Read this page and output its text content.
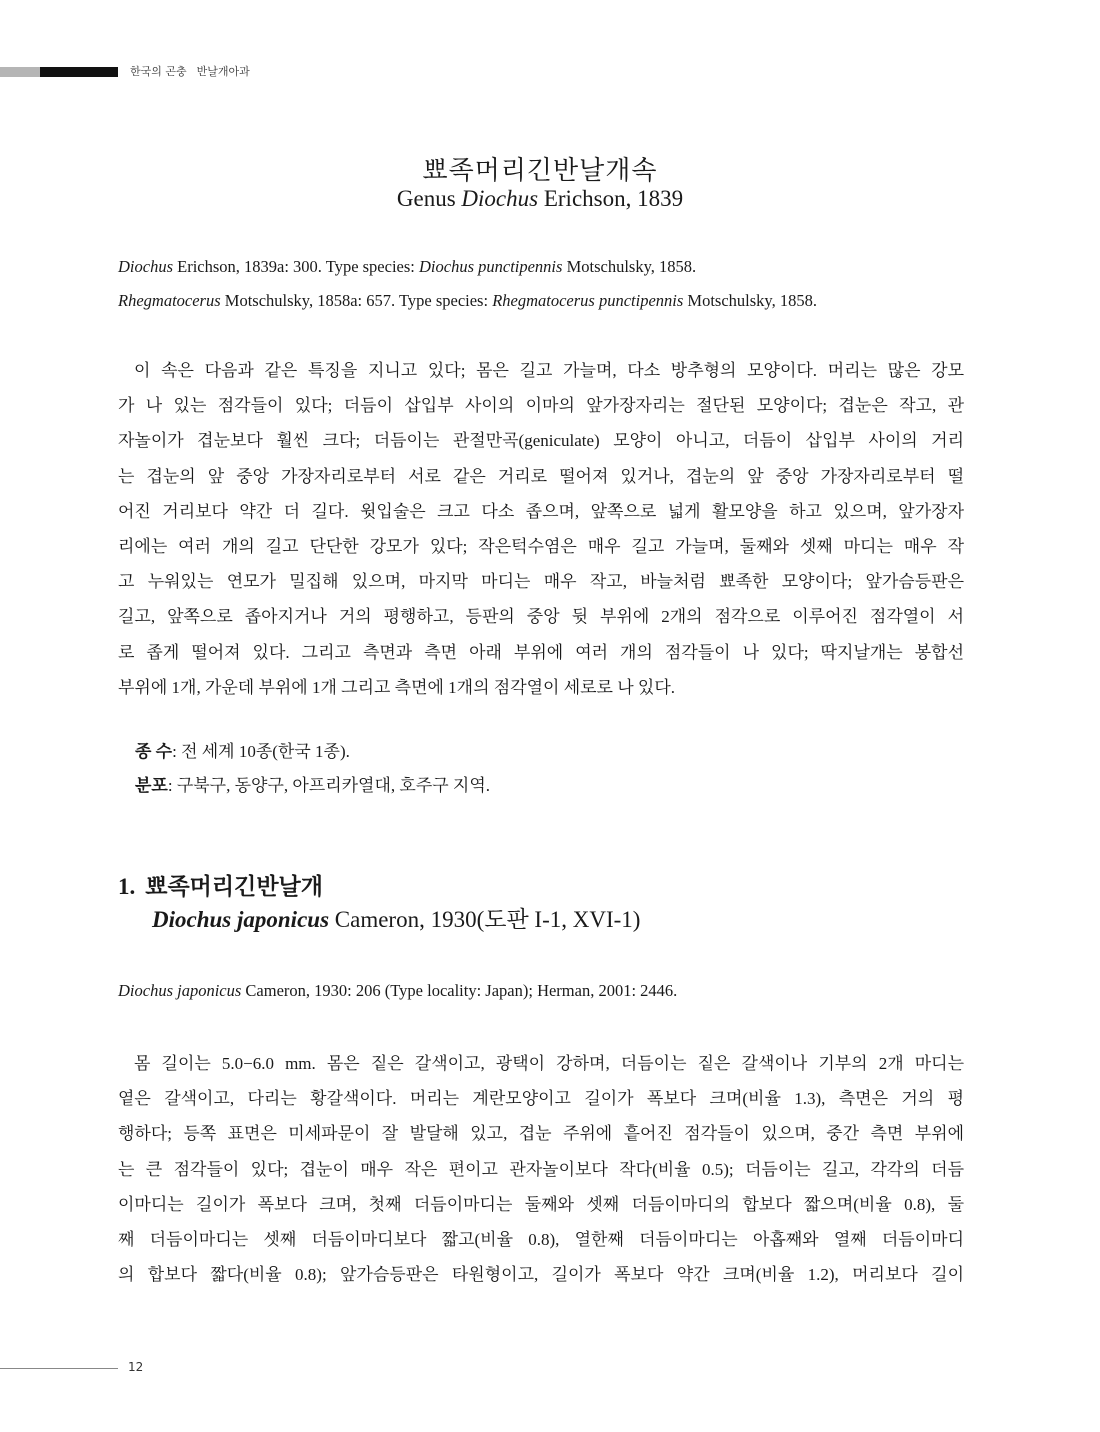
한국의 곤충 반날개아과
뾰족머리긴반날개속
Genus Diochus Erichson, 1839
Diochus Erichson, 1839a: 300. Type species: Diochus punctipennis Motschulsky, 1858.
Rhegmatocerus Motschulsky, 1858a: 657. Type species: Rhegmatocerus punctipennis Motschulsky, 1858.
이 속은 다음과 같은 특징을 지니고 있다; 몸은 길고 가늘며, 다소 방추형의 모양이다. 머리는 많은 강모
가 나 있는 점각들이 있다; 더듬이 삽입부 사이의 이마의 앞가장자리는 절단된 모양이다; 겹눈은 작고, 관
자놀이가 겹눈보다 훨씬 크다; 더듬이는 관절만곡(geniculate) 모양이 아니고, 더듬이 삽입부 사이의 거리
는 겹눈의 앞 중앙 가장자리로부터 서로 같은 거리로 떨어져 있거나, 겹눈의 앞 중앙 가장자리로부터 떨
어진 거리보다 약간 더 길다. 윗입술은 크고 다소 좁으며, 앞쪽으로 넓게 활모양을 하고 있으며, 앞가장자
리에는 여러 개의 길고 단단한 강모가 있다; 작은턱수염은 매우 길고 가늘며, 둘째와 셋째 마디는 매우 작
고 누워있는 연모가 밀집해 있으며, 마지막 마디는 매우 작고, 바늘처럼 뾰족한 모양이다; 앞가슴등판은
길고, 앞쪽으로 좁아지거나 거의 평행하고, 등판의 중앙 뒷 부위에 2개의 점각으로 이루어진 점각열이 서
로 좁게 떨어져 있다. 그리고 측면과 측면 아래 부위에 여러 개의 점각들이 나 있다; 딱지날개는 봉합선
부위에 1개, 가운데 부위에 1개 그리고 측면에 1개의 점각열이 세로로 나 있다.
종 수: 전 세계 10종(한국 1종).
분포: 구북구, 동양구, 아프리카열대, 호주구 지역.
1. 뾰족머리긴반날개
Diochus japonicus Cameron, 1930(도판 I-1, XVI-1)
Diochus japonicus Cameron, 1930: 206 (Type locality: Japan); Herman, 2001: 2446.
몸 길이는 5.0−6.0 mm. 몸은 짙은 갈색이고, 광택이 강하며, 더듬이는 짙은 갈색이나 기부의 2개 마디는
옅은 갈색이고, 다리는 황갈색이다. 머리는 계란모양이고 길이가 폭보다 크며(비율 1.3), 측면은 거의 평
행하다; 등쪽 표면은 미세파문이 잘 발달해 있고, 겹눈 주위에 흩어진 점각들이 있으며, 중간 측면 부위에
는 큰 점각들이 있다; 겹눈이 매우 작은 편이고 관자놀이보다 작다(비율 0.5); 더듬이는 길고, 각각의 더듬
이마디는 길이가 폭보다 크며, 첫째 더듬이마디는 둘째와 셋째 더듬이마디의 합보다 짧으며(비율 0.8), 둘
째 더듬이마디는 셋째 더듬이마디보다 짧고(비율 0.8), 열한째 더듬이마디는 아홉째와 열째 더듬이마디
의 합보다 짧다(비율 0.8); 앞가슴등판은 타원형이고, 길이가 폭보다 약간 크며(비율 1.2), 머리보다 길이
12
